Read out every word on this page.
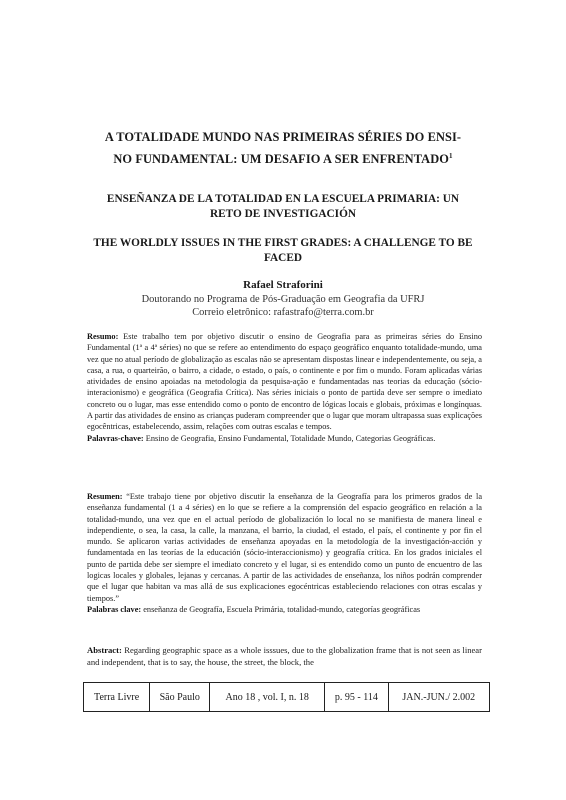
A TOTALIDADE MUNDO NAS PRIMEIRAS SÉRIES DO ENSI-
NO FUNDAMENTAL: UM DESAFIO A SER ENFRENTADO$^1$
ENSEÑANZA DE LA TOTALIDAD EN LA ESCUELA PRIMARIA: UN
RETO DE INVESTIGACIÓN
THE WORLDLY ISSUES IN THE FIRST GRADES: A CHALLENGE TO BE
FACED
Rafael Straforini
Doutorando no Programa de Pós-Graduação em Geografia da UFRJ
Correio eletrônico: rafastrafo@terra.com.br
Resumo: Este trabalho tem por objetivo discutir o ensino de Geografia para as primeiras séries do Ensino Fundamental (1ª a 4ª séries) no que se refere ao entendimento do espaço geográfico enquanto totalidade-mundo, uma vez que no atual período de globalização as escalas não se apresentam dispostas linear e independentemente, ou seja, a casa, a rua, o quarteirão, o bairro, a cidade, o estado, o país, o continente e por fim o mundo. Foram aplicadas várias atividades de ensino apoiadas na metodologia da pesquisa-ação e fundamentadas nas teorias da educação (sócio-interacionismo) e geográfica (Geografia Crítica). Nas séries iniciais o ponto de partida deve ser sempre o imediato concreto ou o lugar, mas esse entendido como o ponto de encontro de lógicas locais e globais, próximas e longínquas. A partir das atividades de ensino as crianças puderam compreender que o lugar que moram ultrapassa suas explicações egocêntricas, estabelecendo, assim, relações com outras escalas e tempos.
Palavras-chave: Ensino de Geografia, Ensino Fundamental, Totalidade Mundo, Categorias Geográficas.
Resumen: “Este trabajo tiene por objetivo discutir la enseñanza de la Geografía para los primeros grados de la enseñanza fundamental (1 a 4 séries) en lo que se refiere a la comprensión del espacio geográfico en relación a la totalidad-mundo, una vez que en el actual período de globalización lo local no se manifiesta de manera lineal e independiente, o sea, la casa, la calle, la manzana, el barrio, la ciudad, el estado, el país, el continente y por fin el mundo. Se aplicaron varias actividades de enseñanza apoyadas en la metodología de la investigación-acción y fundamentada en las teorías de la educación (sócio-interaccionismo) y geografía crítica. En los grados iniciales el punto de partida debe ser siempre el imediato concreto y el lugar, si es entendido como un punto de encuentro de las logicas locales y globales, lejanas y cercanas. A partir de las actividades de enseñanza, los niños podrán comprender que el lugar que habitan va mas allá de sus explicaciones egocéntricas estableciendo relaciones con otras escalas y tiempos.”
Palabras clave: enseñanza de Geografía, Escuela Primária, totalidad-mundo, categorías geográficas
Abstract: Regarding geographic space as a whole isssues, due to the globalization frame that is not seen as linear and independent, that is to say, the house, the street, the block, the
Terra Livre	São Paulo	Ano 18 , vol. I, n. 18	p. 95 - 114	JAN.-JUN./ 2.002
